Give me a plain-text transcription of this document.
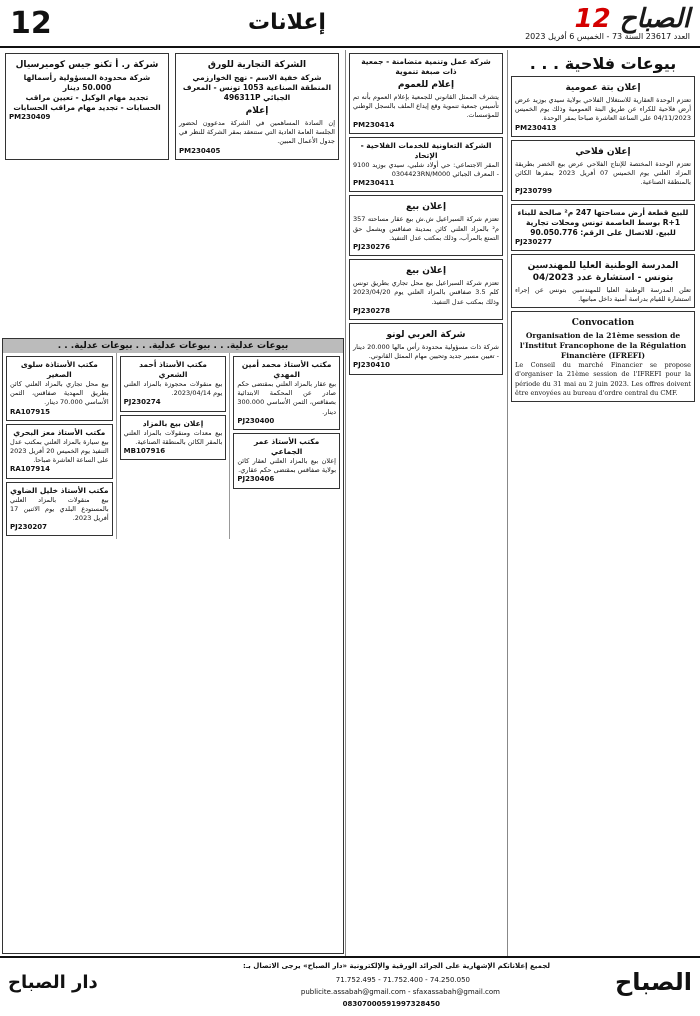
12	إعلانات	12 الصباح
العدد 23617 السنة 73 - الخميس 6 أفريل 2023
بيوعات فلاحية . . .
إعلان بتة عمومية
تعتزم الوحدة العقارية للاستغلال الفلاحي بولاية سيدي بوزيد عرض أرض فلاحية للكراء عن طريق البتة العمومية وذلك يوم الخميس 04/11/2023 على الساعة العاشرة صباحا بمقر الوحدة.
PM230413
إعلان فلاحي
تعتزم الوحدة المختصة للإنتاج الفلاحي عرض بيع الخضر بطريقة المزاد العلني يوم الخميس 07 أفريل 2023 بمقرها الكائن بالمنطقة الصناعية.
PJ230799
للبيع قطعة أرض مساحتها 247 م² صالحة للبناء R+1 بوسط العاصمة تونس ومحلات تجارية للبيع. للاتصال على الرقم: 90.050.776
PJ230277
المدرسة الوطنية العليا للمهندسين بتونس - استشارة عدد 04/2023
تعلن المدرسة الوطنية العليا للمهندسين بتونس عن إجراء استشارة للقيام بدراسة أمنية داخل مبانيها.
Convocation
Organisation de la 21ème session de l'Institut Francophone de la Régulation Financière (IFREFI)
Le Conseil du marché Financier se propose d'organiser la 21ème session de l'IFREFI pour la période du 31 mai au 2 juin 2023. Les offres doivent être envoyées au bureau d'ordre central du CMF.
شركة عمل وتنمية متضامنة - جمعية ذات صبغة تنموية
إعلام للعموم
يتشرف الممثل القانوني للجمعية بإعلام العموم بأنه تم تأسيس جمعية تنموية وقع إيداع الملف بالسجل الوطني للمؤسسات.
PM230414
الشركة التعاونية للخدمات الفلاحية - الإتحاد
المقر الاجتماعي: حي أولاد شلبي، سيدي بوزيد 9100 - المعرف الجبائي 0304423RN/M000
PM230411
إعلان بيع
تعتزم شركة السبراعيل ش.ش بيع عقار مساحته 357 م² بالمزاد العلني كائن بمدينة صفاقس ويشمل حق التمتع بالمرآب، وذلك بمكتب عدل التنفيذ.
PJ230276
إعلان بيع
تعتزم شركة السبراعيل بيع محل تجاري بطريق تونس كلم 3.5 صفاقس بالمزاد العلني يوم 2023/04/20 وذلك بمكتب عدل التنفيذ.
PJ230278
شركة العربي لونو
شركة ذات مسؤولية محدودة رأس مالها 20.000 دينار - تعيين مسير جديد وتحيين مهام الممثل القانوني.
PJ230410
الشركة التجارية للورق
شركة خفية الاسم - نهج الخوارزمي المنطقة الصناعية 1053 تونس - المعرف الجبائي 496311P
إعلام
إن السادة المساهمين في الشركة مدعوون لحضور الجلسة العامة العادية التي ستنعقد بمقر الشركة للنظر في جدول الأعمال المبين.
PM230405
شركة ر. أ تكنو جيس كوميرسيال
شركة محدودة المسؤولية رأسمالها 50.000 دينار
تجديد مهام الوكيل - تعيين مراقب الحسابات - تجديد مهام مراقب الحسابات
PM230409
بيوعات عدلية. . . بيوعات عدلية. . . بيوعات عدلية. . .
مكتب الأستاذ محمد أمين المهدي
بيع عقار بالمزاد العلني بمقتضى حكم صادر عن المحكمة الابتدائية بصفاقس، الثمن الأساسي 300.000 دينار.
PJ230400
مكتب الأستاذ عمر الجماعي
إعلان بيع بالمزاد العلني لعقار كائن بولاية صفاقس بمقتضى حكم عقاري.
PJ230406
مكتب الأستاذ أحمد الشعري
بيع منقولات محجوزة بالمزاد العلني يوم 2023/04/14.
PJ230274
إعلان بيع بالمزاد
بيع معدات ومنقولات بالمزاد العلني بالمقر الكائن بالمنطقة الصناعية.
MB107916
مكتب الأستاذة سلوى الصغير
بيع محل تجاري بالمزاد العلني كائن بطريق المهدية صفاقس، الثمن الأساسي 70.000 دينار.
RA107915
مكتب الأستاذ معز البحري
بيع سيارة بالمزاد العلني بمكتب عدل التنفيذ يوم الخميس 20 أفريل 2023 على الساعة العاشرة صباحا.
RA107914
مكتب الأستاذ خليل الضاوي
بيع منقولات بالمزاد العلني بالمستودع البلدي يوم الاثنين 17 أفريل 2023.
PJ230207
الصباح
دار الصباح
لجميع إعلاناتكم الإشهارية على الجرائد الورقية والإلكترونية «دار الصباح» يرجى الاتصال بـ:
71.752.495 - 71.752.400 - 74.250.050
publicite.assabah@gmail.com - sfaxassabah@gmail.com
08307000591997328450
